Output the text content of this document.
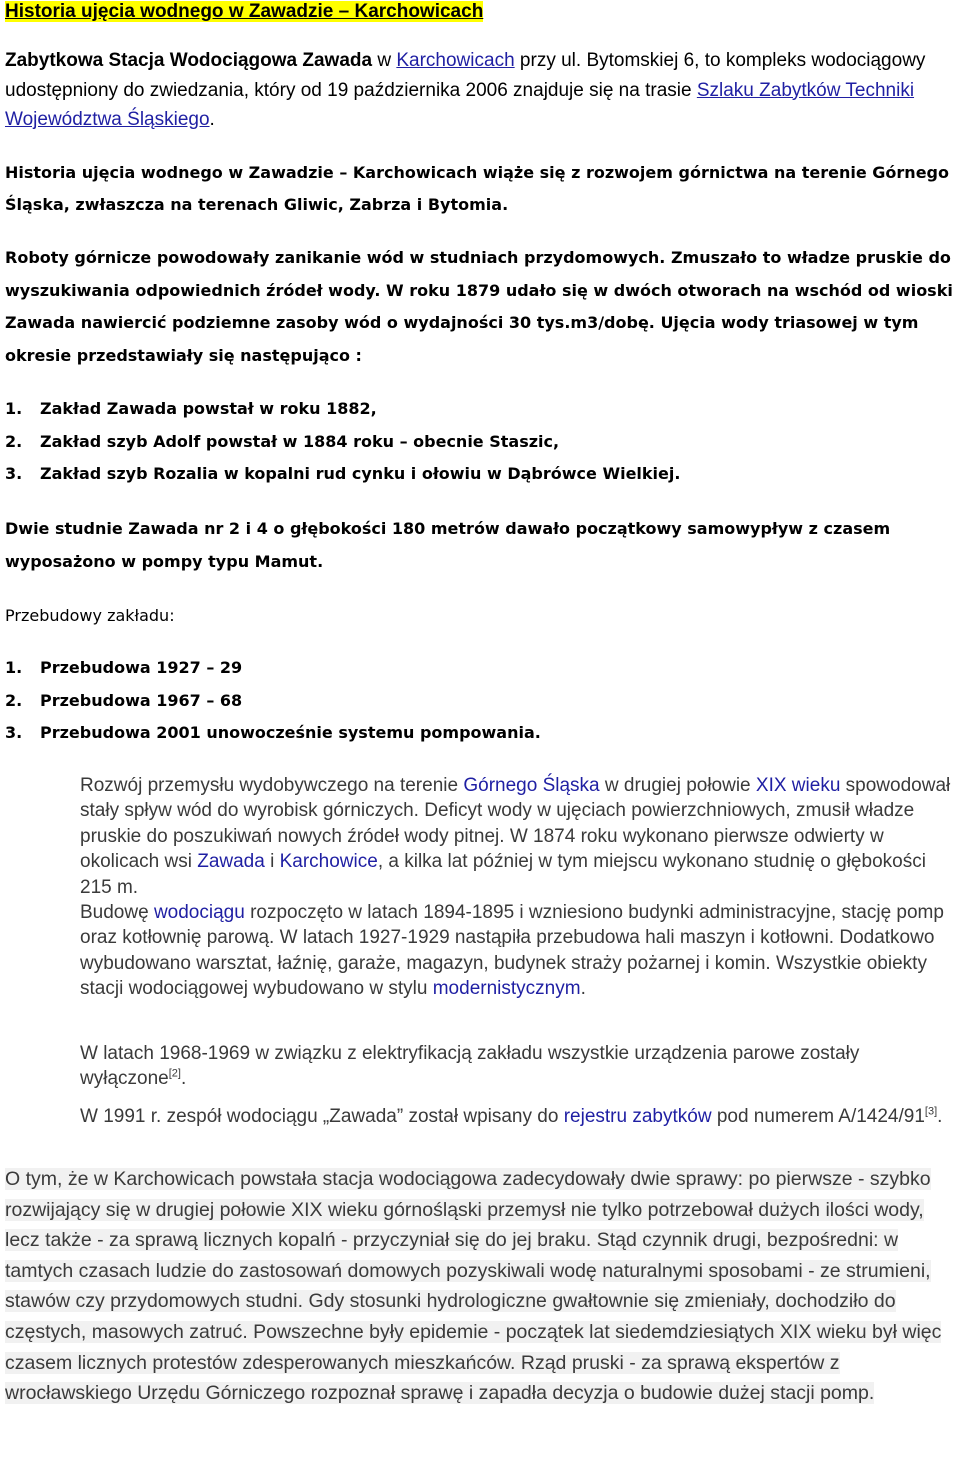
Historia ujęcia wodnego w Zawadzie – Karchowicach

Zabytkowa Stacja Wodociągowa Zawada w Karchowicach przy ul. Bytomskiej 6, to kompleks wodociągowy udostępniony do zwiedzania, który od 19 października 2006 znajduje się na trasie Szlaku Zabytków Techniki Województwa Śląskiego.

Historia ujęcia wodnego w Zawadzie – Karchowicach wiąże się z rozwojem górnictwa na terenie Górnego Śląska, zwłaszcza na terenach Gliwic, Zabrza i Bytomia.

Roboty górnicze powodowały zanikanie wód w studniach przydomowych. Zmuszało to władze pruskie do wyszukiwania odpowiednich źródeł wody. W roku 1879 udało się w dwóch otworach na wschód od wioski Zawada nawiercić podziemne zasoby wód o wydajności 30 tys.m3/dobę. Ujęcia wody triasowej w tym okresie przedstawiały się następująco :

1. Zakład Zawada powstał w roku 1882,
2. Zakład szyb Adolf powstał w 1884 roku – obecnie Staszic,
3. Zakład szyb Rozalia w kopalni rud cynku i ołowiu w Dąbrówce Wielkiej.

Dwie studnie Zawada nr 2 i 4 o głębokości 180 metrów dawało początkowy samowypływ z czasem wyposażono w pompy typu Mamut.

Przebudowy zakładu:

1. Przebudowa 1927 – 29
2. Przebudowa 1967 – 68
3. Przebudowa 2001 unowocześnie systemu pompowania.

Rozwój przemysłu wydobywczego na terenie Górnego Śląska w drugiej połowie XIX wieku spowodował stały spływ wód do wyrobisk górniczych. Deficyt wody w ujęciach powierzchniowych, zmusił władze pruskie do poszukiwań nowych źródeł wody pitnej. W 1874 roku wykonano pierwsze odwierty w okolicach wsi Zawada i Karchowice, a kilka lat później w tym miejscu wykonano studnię o głębokości 215 m.
Budowę wodociągu rozpoczęto w latach 1894-1895 i wzniesiono budynki administracyjne, stację pomp oraz kotłownię parową. W latach 1927-1929 nastąpiła przebudowa hali maszyn i kotłowni. Dodatkowo wybudowano warsztat, łaźnię, garaże, magazyn, budynek straży pożarnej i komin. Wszystkie obiekty stacji wodociągowej wybudowano w stylu modernistycznym.

W latach 1968-1969 w związku z elektryfikacją zakładu wszystkie urządzenia parowe zostały wyłączone[2].

W 1991 r. zespół wodociągu „Zawada” został wpisany do rejestru zabytków pod numerem A/1424/91[3].

O tym, że w Karchowicach powstała stacja wodociągowa zadecydowały dwie sprawy: po pierwsze - szybko rozwijający się w drugiej połowie XIX wieku górnośląski przemysł nie tylko potrzebował dużych ilości wody, lecz także - za sprawą licznych kopalń - przyczyniał się do jej braku. Stąd czynnik drugi, bezpośredni: w tamtych czasach ludzie do zastosowań domowych pozyskiwali wodę naturalnymi sposobami - ze strumieni, stawów czy przydomowych studni. Gdy stosunki hydrologiczne gwałtownie się zmieniały, dochodziło do częstych, masowych zatruć. Powszechne były epidemie - początek lat siedemdziesiątych XIX wieku był więc czasem licznych protestów zdesperowanych mieszkańców. Rząd pruski - za sprawą ekspertów z wrocławskiego Urzędu Górniczego rozpoznał sprawę i zapadła decyzja o budowie dużej stacji pomp.
